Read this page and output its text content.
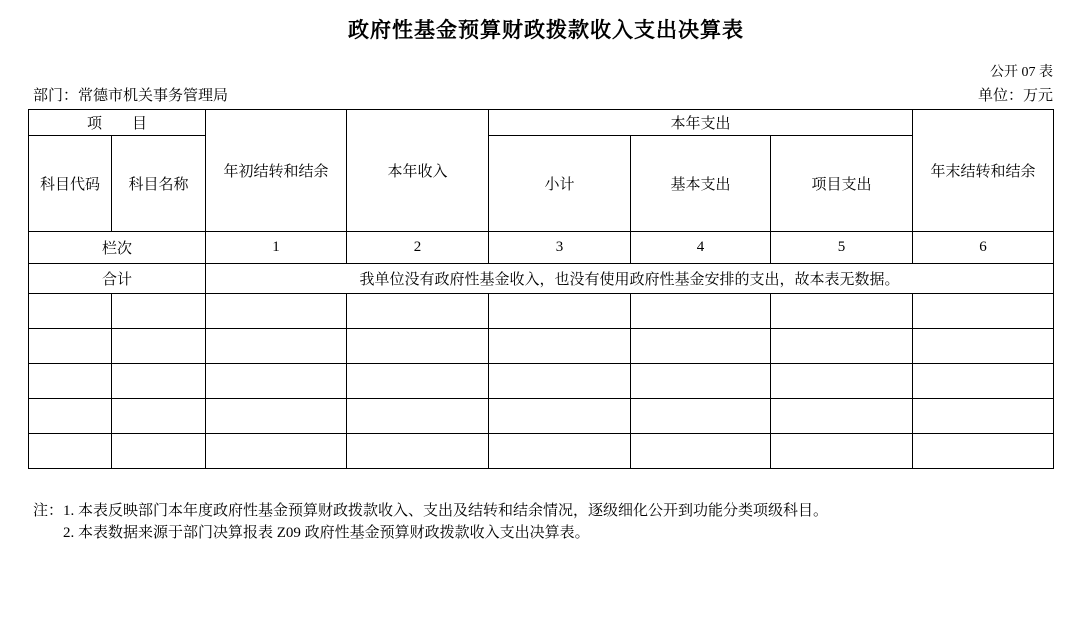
政府性基金预算财政拨款收入支出决算表
公开 07 表
部门：常德市机关事务管理局	单位：万元
项　　目		年初结转和结余	本年收入	本年支出			年末结转和结余
科目代码	科目名称			小计	基本支出	项目支出	
栏次		1	2	3	4	5	6
合计		我单位没有政府性基金收入，也没有使用政府性基金安排的支出，故本表无数据。					

注：1. 本表反映部门本年度政府性基金预算财政拨款收入、支出及结转和结余情况，逐级细化公开到功能分类项级科目。
2. 本表数据来源于部门决算报表 Z09 政府性基金预算财政拨款收入支出决算表。
